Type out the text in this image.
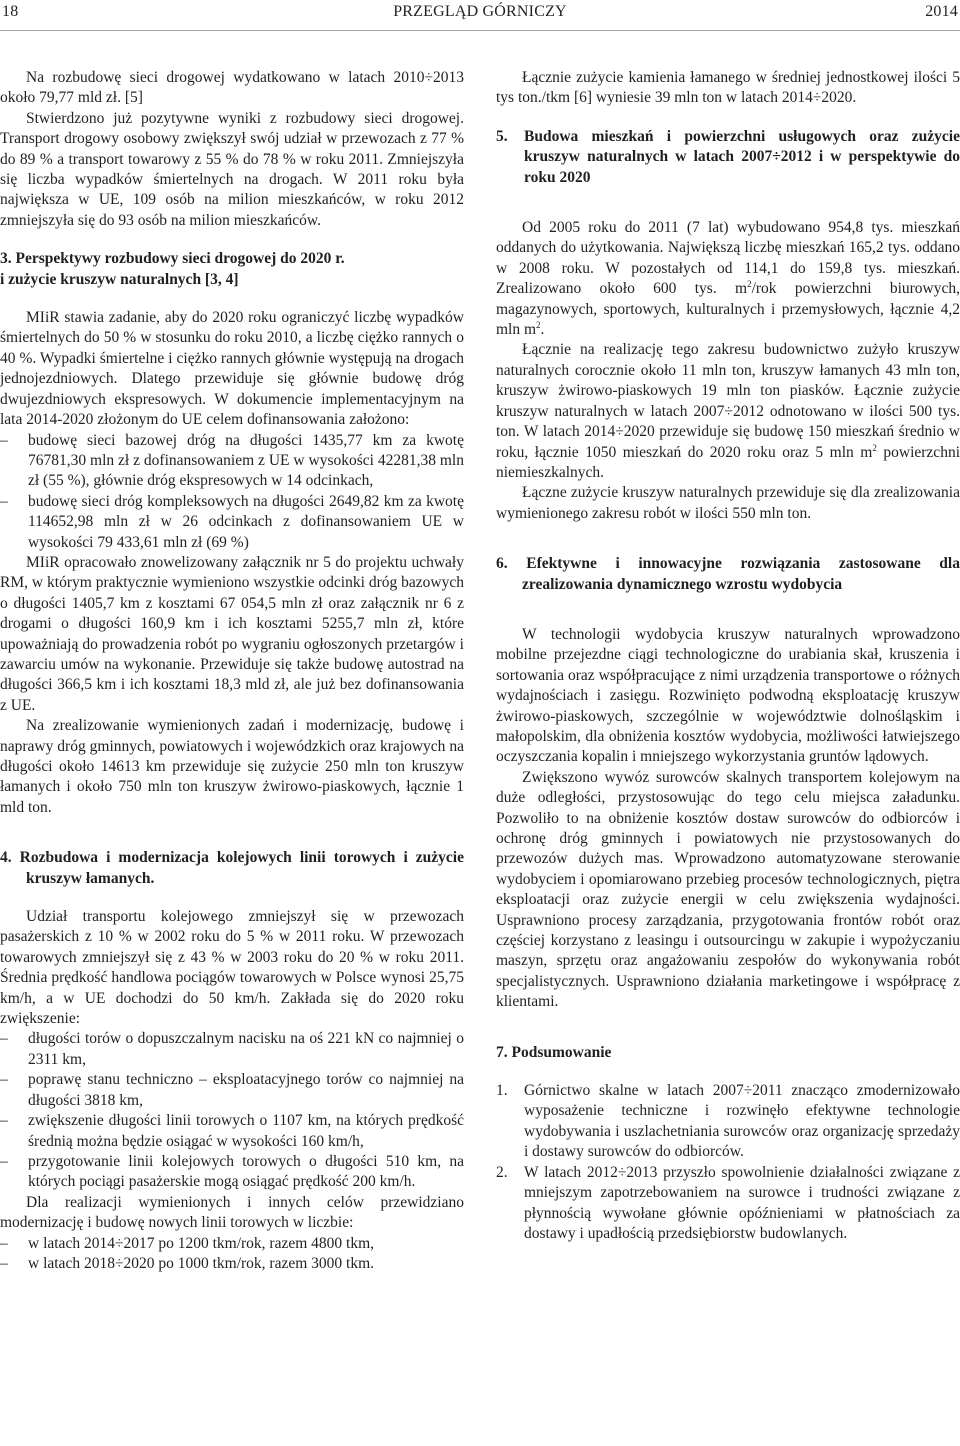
18	PRZEGLĄD GÓRNICZY	2014

Na rozbudowę sieci drogowej wydatkowano w latach 2010÷2013 około 79,77 mld zł. [5]

Stwierdzono już pozytywne wyniki z rozbudowy sieci drogowej. Transport drogowy osobowy zwiększył swój udział w przewozach z 77 % do 89 % a transport towarowy z 55 % do 78 % w roku 2011. Zmniejszyła się liczba wypadków śmiertelnych na drogach. W 2011 roku była największa w UE, 109 osób na milion mieszkańców, w roku 2012 zmniejszyła się do 93 osób na milion mieszkańców.

3. Perspektywy rozbudowy sieci drogowej do 2020 r.
i zużycie kruszyw naturalnych [3, 4]

MIiR stawia zadanie, aby do 2020 roku ograniczyć liczbę wypadków śmiertelnych do 50 % w stosunku do roku 2010, a liczbę ciężko rannych o 40 %. Wypadki śmiertelne i ciężko rannych głównie występują na drogach jednojezdniowych. Dlatego przewiduje się głównie budowę dróg dwujezdniowych ekspresowych. W dokumencie implementacyjnym na lata 2014-2020 złożonym do UE celem dofinansowania założono:

– budowę sieci bazowej dróg na długości 1435,77 km za kwotę 76781,30 mln zł z dofinansowaniem z UE w wysokości 42281,38 mln zł (55 %), głównie dróg ekspresowych w 14 odcinkach,
– budowę sieci dróg kompleksowych na długości 2649,82 km za kwotę 114652,98 mln zł w 26 odcinkach z dofinansowaniem UE w wysokości 79 433,61 mln zł (69 %)

MIiR opracowało znowelizowany załącznik nr 5 do projektu uchwały RM, w którym praktycznie wymieniono wszystkie odcinki dróg bazowych o długości 1405,7 km z kosztami 67 054,5 mln zł oraz załącznik nr 6 z drogami o długości 160,9 km i ich kosztami 5255,7 mln zł, które upoważniają do prowadzenia robót po wygraniu ogłoszonych przetargów i zawarciu umów na wykonanie. Przewiduje się także budowę autostrad na długości 366,5 km i ich kosztami 18,3 mld zł, ale już bez dofinansowania z UE.

Na zrealizowanie wymienionych zadań i modernizację, budowę i naprawy dróg gminnych, powiatowych i wojewódzkich oraz krajowych na długości około 14613 km przewiduje się zużycie 250 mln ton kruszyw łamanych i około 750 mln ton kruszyw żwirowo-piaskowych, łącznie 1 mld ton.

4. Rozbudowa i modernizacja kolejowych linii torowych i zużycie kruszyw łamanych.

Udział transportu kolejowego zmniejszył się w przewozach pasażerskich z 10 % w 2002 roku do 5 % w 2011 roku. W przewozach towarowych zmniejszył się z 43 % w 2003 roku do 20 % w roku 2011. Średnia prędkość handlowa pociągów towarowych w Polsce wynosi 25,75 km/h, a w UE dochodzi do 50 km/h. Zakłada się do 2020 roku zwiększenie:

– długości torów o dopuszczalnym nacisku na oś 221 kN co najmniej o 2311 km,
– poprawę stanu techniczno – eksploatacyjnego torów co najmniej na długości 3818 km,
– zwiększenie długości linii torowych o 1107 km, na których prędkość średnią można będzie osiągać w wysokości 160 km/h,
– przygotowanie linii kolejowych torowych o długości 510 km, na których pociągi pasażerskie mogą osiągać prędkość 200 km/h.

Dla realizacji wymienionych i innych celów przewidziano modernizację i budowę nowych linii torowych w liczbie:

– w latach 2014÷2017 po 1200 tkm/rok, razem 4800 tkm,
– w latach 2018÷2020 po 1000 tkm/rok, razem 3000 tkm.

Łącznie zużycie kamienia łamanego w średniej jednostkowej ilości 5 tys ton./tkm [6] wyniesie 39 mln ton w latach 2014÷2020.

5. Budowa mieszkań i powierzchni usługowych oraz zużycie kruszyw naturalnych w latach 2007÷2012 i w perspektywie do roku 2020

Od 2005 roku do 2011 (7 lat) wybudowano 954,8 tys. mieszkań oddanych do użytkowania. Największą liczbę mieszkań 165,2 tys. oddano w 2008 roku. W pozostałych od 114,1 do 159,8 tys. mieszkań. Zrealizowano około 600 tys. $m^2$/rok powierzchni biurowych, magazynowych, sportowych, kulturalnych i przemysłowych, łącznie 4,2 mln $m^2$.

Łącznie na realizację tego zakresu budownictwo zużyło kruszyw naturalnych corocznie około 11 mln ton, kruszyw łamanych 43 mln ton, kruszyw żwirowo-piaskowych 19 mln ton piasków. Łącznie zużycie kruszyw naturalnych w latach 2007÷2012 odnotowano w ilości 500 tys. ton. W latach 2014÷2020 przewiduje się budowę 150 mieszkań średnio w roku, łącznie 1050 mieszkań do 2020 roku oraz 5 mln $m^2$ powierzchni niemieszkalnych.

Łączne zużycie kruszyw naturalnych przewiduje się dla zrealizowania wymienionego zakresu robót w ilości 550 mln ton.

6. Efektywne i innowacyjne rozwiązania zastosowane dla zrealizowania dynamicznego wzrostu wydobycia

W technologii wydobycia kruszyw naturalnych wprowadzono mobilne przejezdne ciągi technologiczne do urabiania skał, kruszenia i sortowania oraz współpracujące z nimi urządzenia transportowe o różnych wydajnościach i zasięgu. Rozwinięto podwodną eksploatację kruszyw żwirowo-piaskowych, szczególnie w województwie dolnośląskim i małopolskim, dla obniżenia kosztów wydobycia, możliwości łatwiejszego oczyszczania kopalin i mniejszego wykorzystania gruntów lądowych.

Zwiększono wywóz surowców skalnych transportem kolejowym na duże odległości, przystosowując do tego celu miejsca załadunku. Pozwoliło to na obniżenie kosztów dostaw surowców do odbiorców i ochronę dróg gminnych i powiatowych nie przystosowanych do przewozów dużych mas. Wprowadzono automatyzowane sterowanie wydobyciem i opomiarowano przebieg procesów technologicznych, piętra eksploatacji oraz zużycie energii w celu zwiększenia wydajności. Usprawniono procesy zarządzania, przygotowania frontów robót oraz częściej korzystano z leasingu i outsourcingu w zakupie i wypożyczaniu maszyn, sprzętu oraz angażowaniu zespołów do wykonywania robót specjalistycznych. Usprawniono działania marketingowe i współpracę z klientami.

7. Podsumowanie

1. Górnictwo skalne w latach 2007÷2011 znacząco zmodernizowało wyposażenie techniczne i rozwinęło efektywne technologie wydobywania i uszlachetniania surowców oraz organizację sprzedaży i dostawy surowców do odbiorców.
2. W latach 2012÷2013 przyszło spowolnienie działalności związane z mniejszym zapotrzebowaniem na surowce i trudności związane z płynnością wywołane głównie opóźnieniami w płatnościach za dostawy i upadłością przedsiębiorstw budowlanych.
